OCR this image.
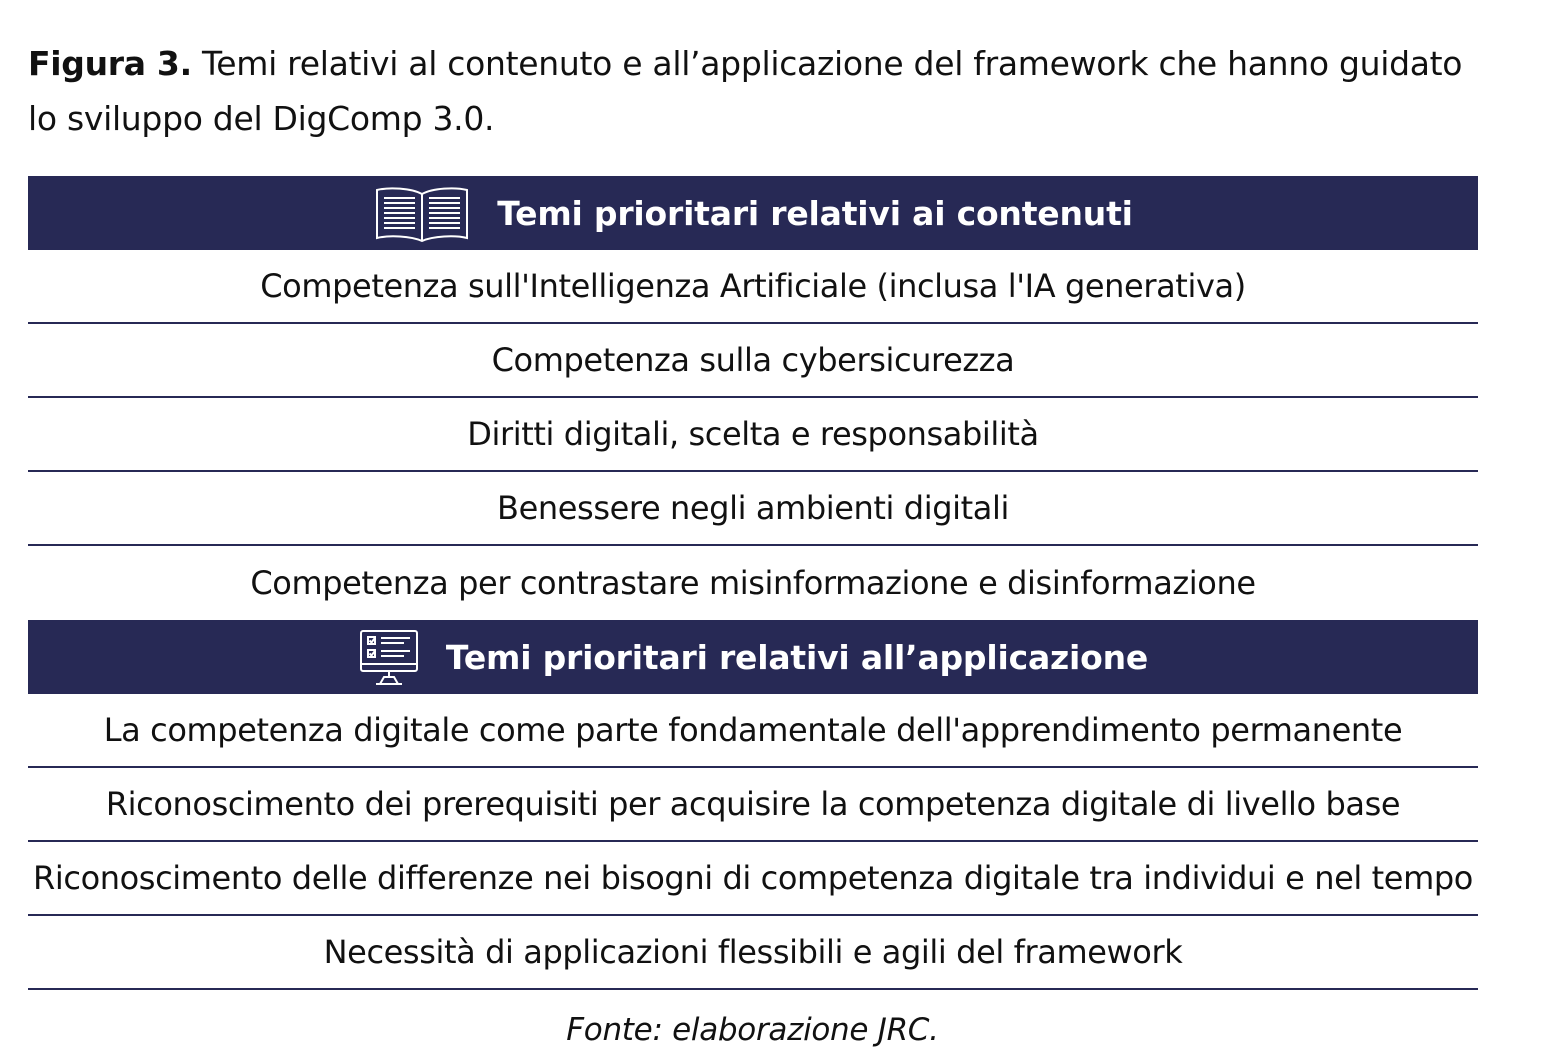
Figura 3. Temi relativi al contenuto e all’applicazione del framework che hanno guidato lo sviluppo del DigComp 3.0.
Temi prioritari relativi ai contenuti
Competenza sull'Intelligenza Artificiale (inclusa l'IA generativa)
Competenza sulla cybersicurezza
Diritti digitali, scelta e responsabilità
Benessere negli ambienti digitali
Competenza per contrastare misinformazione e disinformazione
Temi prioritari relativi all’applicazione
La competenza digitale come parte fondamentale dell'apprendimento permanente
Riconoscimento dei prerequisiti per acquisire la competenza digitale di livello base
Riconoscimento delle differenze nei bisogni di competenza digitale tra individui e nel tempo
Necessità di applicazioni flessibili e agili del framework
Fonte: elaborazione JRC.
